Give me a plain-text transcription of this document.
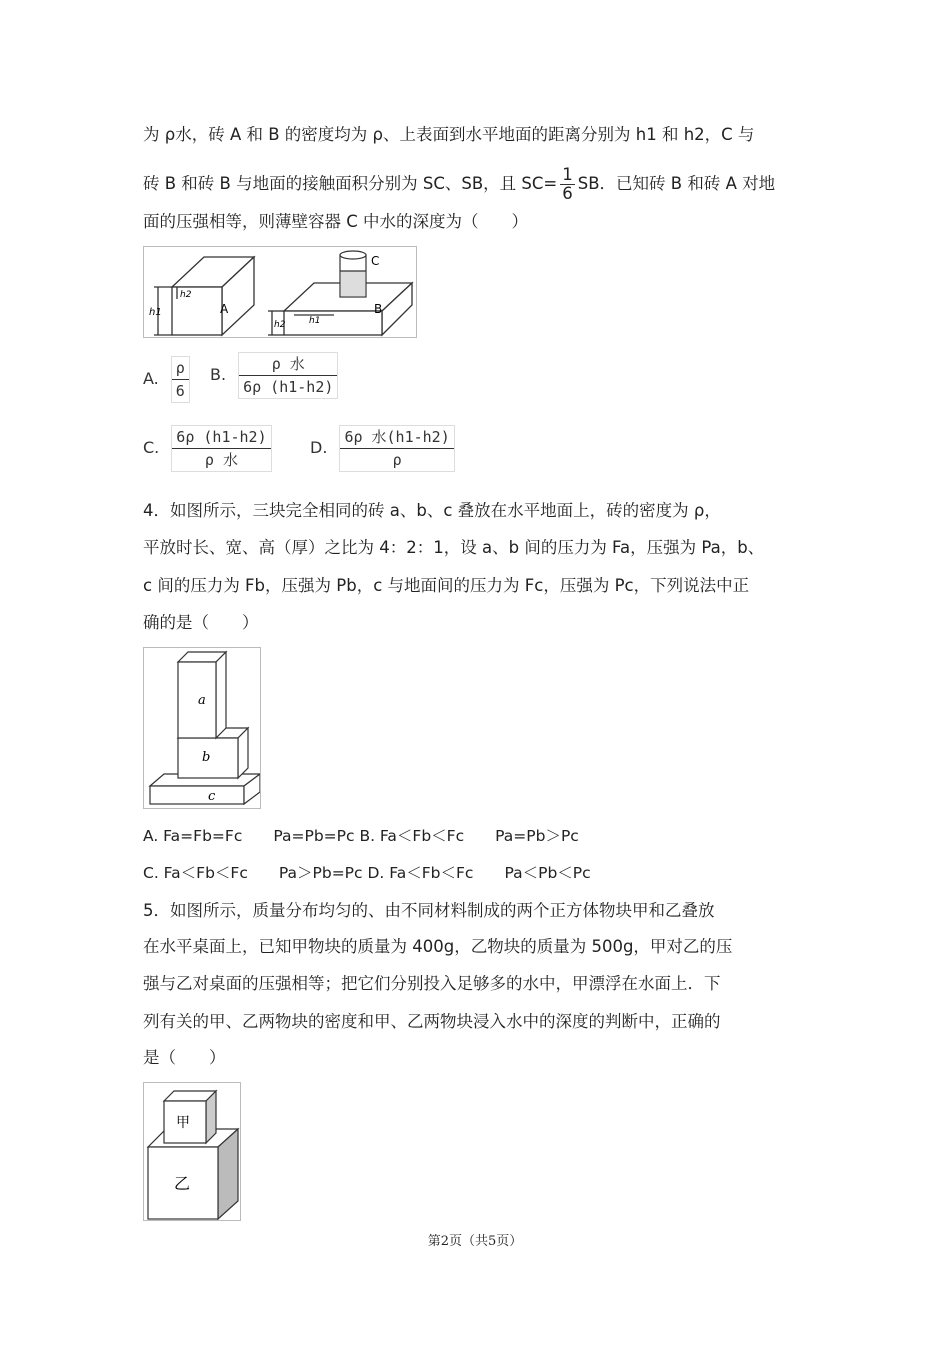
为 ρ水，砖 A 和 B 的密度均为 ρ、上表面到水平地面的距离分别为 h1 和 h2，C 与
砖 B 和砖 B 与地面的接触面积分别为 SC、SB，且 $SC= \frac{1}{6}$ SB．已知砖 B 和砖 A 对地
面的压强相等，则薄壁容器 C 中水的深度为（　　）
h1
h2
A
h2	h1
B
C
A. $\frac{\rho}{6} B$. $\frac{\text{ρ 水}}{6\rho (h1-h2)}$
C. $\frac{6\rho (h1-h2)}{\text{ρ 水}} D$. $\frac{\text{6ρ 水(h1-h2)}}{\rho}$
4．如图所示，三块完全相同的砖 a、b、c 叠放在水平地面上，砖的密度为 ρ，
平放时长、宽、高（厚）之比为 4：2：1，设 a、b 间的压力为 Fa，压强为 Pa，b、
c 间的压力为 Fb，压强为 Pb，c 与地面间的压力为 Fc，压强为 Pc，下列说法中正
确的是（　　）
a
b
c
A. Fa=Fb=Fc　　Pa=Pb=Pc B. Fa＜Fb＜Fc　　Pa=Pb＞Pc
C. Fa＜Fb＜Fc　　Pa＞Pb=Pc D. Fa＜Fb＜Fc　　Pa＜Pb＜Pc
5．如图所示，质量分布均匀的、由不同材料制成的两个正方体物块甲和乙叠放
在水平桌面上，已知甲物块的质量为 400g，乙物块的质量为 500g，甲对乙的压
强与乙对桌面的压强相等；把它们分别投入足够多的水中，甲漂浮在水面上．下
列有关的甲、乙两物块的密度和甲、乙两物块浸入水中的深度的判断中，正确的
是（　　）
甲
乙
第2页（共5页）
